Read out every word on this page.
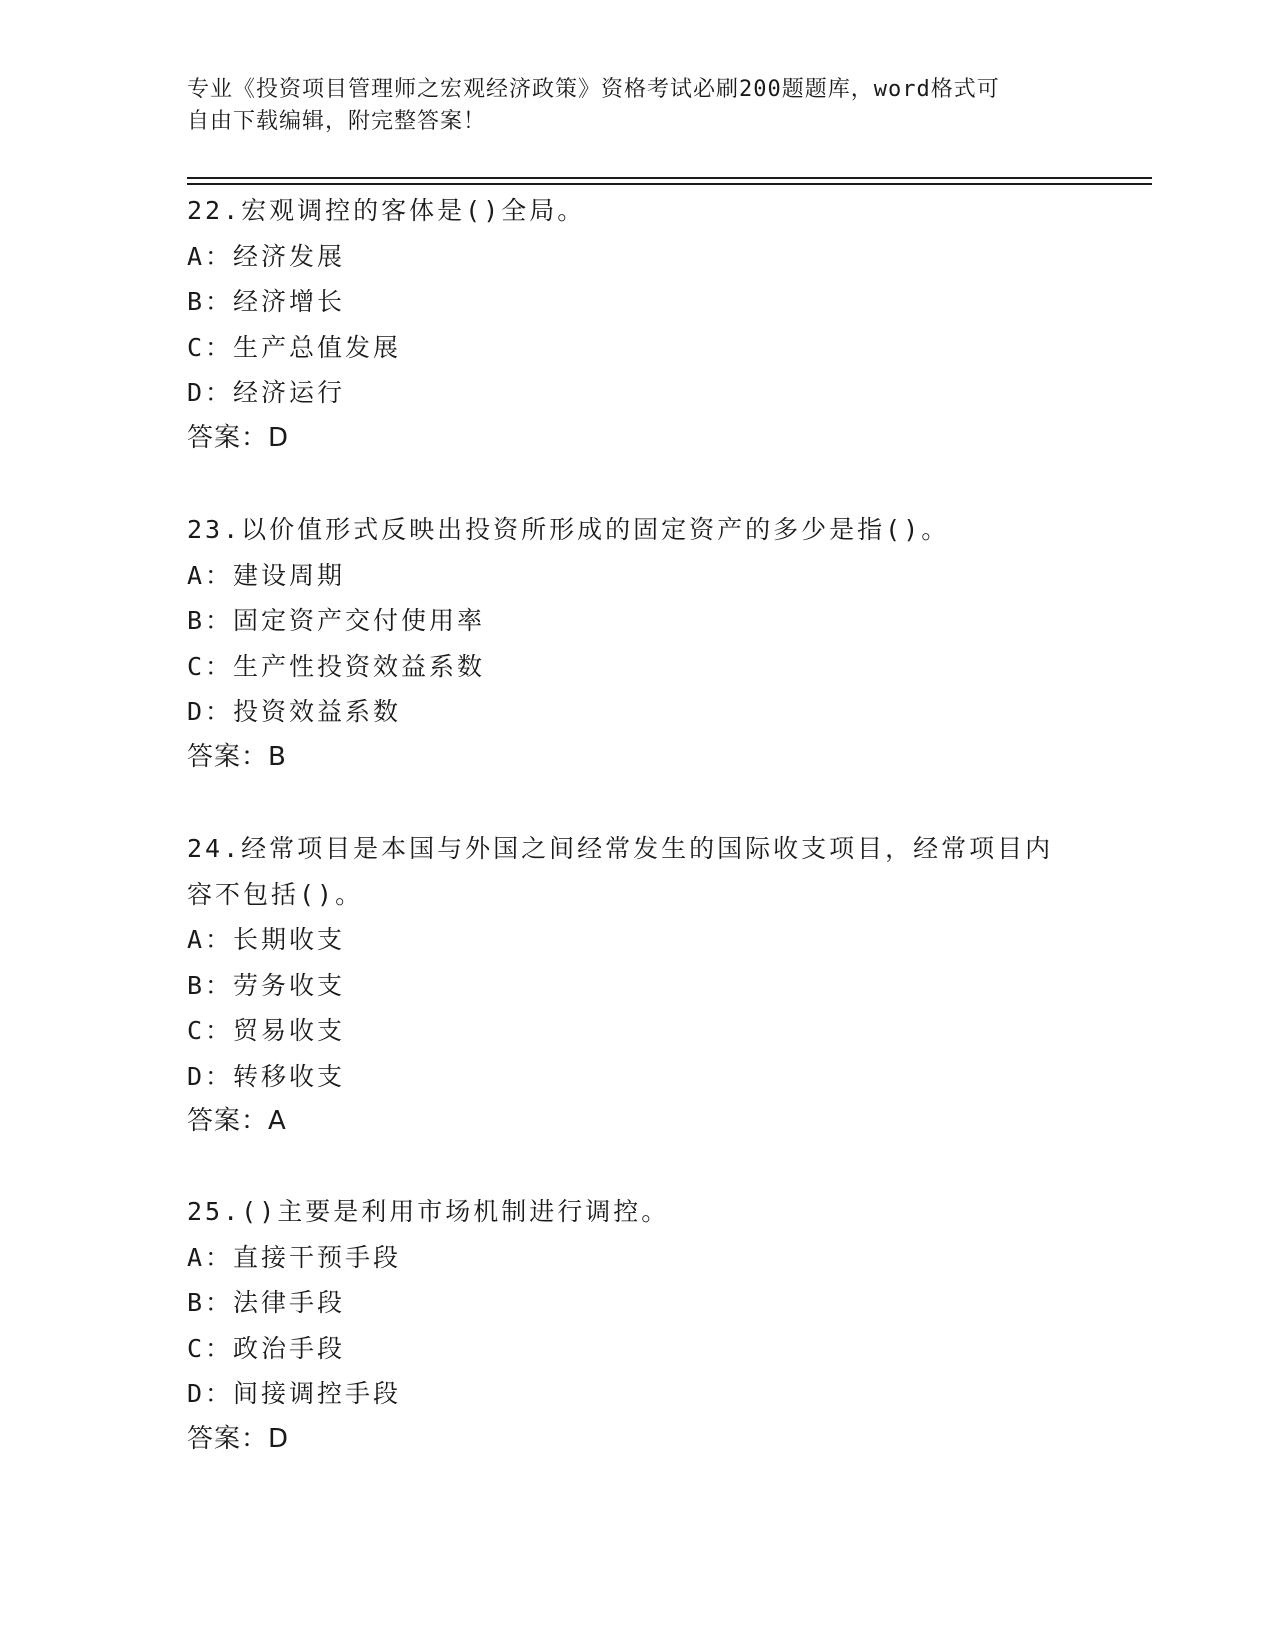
专业《投资项目管理师之宏观经济政策》资格考试必刷200题题库，word格式可
自由下载编辑，附完整答案！
22.宏观调控的客体是()全局。
A：经济发展
B：经济增长
C：生产总值发展
D：经济运行
答案：D
23.以价值形式反映出投资所形成的固定资产的多少是指()。
A：建设周期
B：固定资产交付使用率
C：生产性投资效益系数
D：投资效益系数
答案：B
24.经常项目是本国与外国之间经常发生的国际收支项目，经常项目内
容不包括()。
A：长期收支
B：劳务收支
C：贸易收支
D：转移收支
答案：A
25.()主要是利用市场机制进行调控。
A：直接干预手段
B：法律手段
C：政治手段
D：间接调控手段
答案：D
